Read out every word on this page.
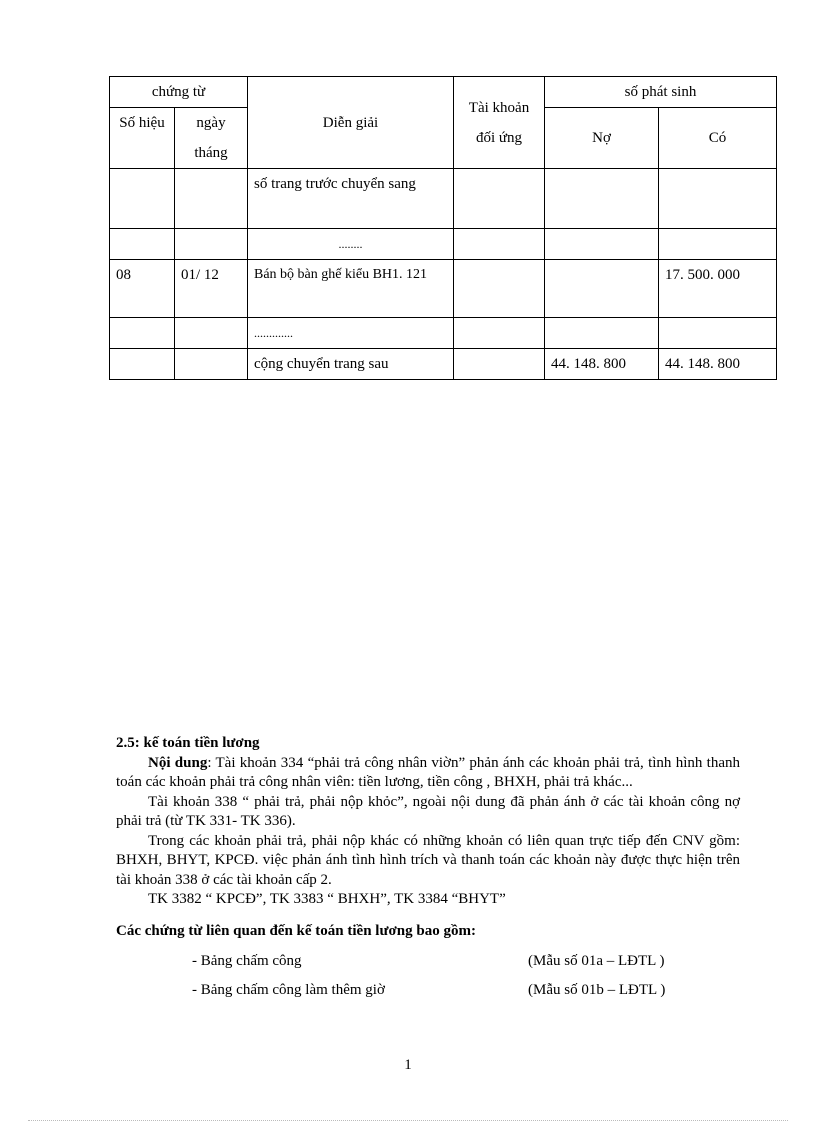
chứng từ		Diễn giải	Tài khoản đối ứng	số phát sinh	
Số hiệu	ngày tháng			Nợ	Có
		số trang trước chuyển sang			
		........			
08	01/ 12	Bán bộ bàn ghế kiểu BH1. 121			17. 500. 000
		.............			
		cộng chuyển trang sau		44. 148. 800	44. 148. 800

2.5: kế toán tiền lương

Nội dung: Tài khoản 334 “phải trả công nhân viờn” phản ánh các khoản phải trả, tình hình thanh toán các khoản phải trả công nhân viên: tiền lương, tiền công , BHXH, phải trả khác...

Tài khoản 338 “ phải trả, phải nộp khỏc”, ngoài nội dung đã phản ánh ở các tài khoản công nợ phải trả (từ TK 331- TK 336).

Trong các khoản phải trả, phải nộp khác có những khoản có liên quan trực tiếp đến CNV gồm: BHXH, BHYT, KPCĐ. việc phản ánh tình hình trích và thanh toán các khoản này được thực hiện trên tài khoản 338 ở các tài khoản cấp 2.

TK 3382 “ KPCĐ”, TK 3383 “ BHXH”, TK 3384 “BHYT”

Các chứng từ liên quan đến kế toán tiền lương bao gồm:

- Bảng chấm công	(Mẫu số 01a – LĐTL )
- Bảng chấm công làm thêm giờ	(Mẫu số 01b – LĐTL )
1
